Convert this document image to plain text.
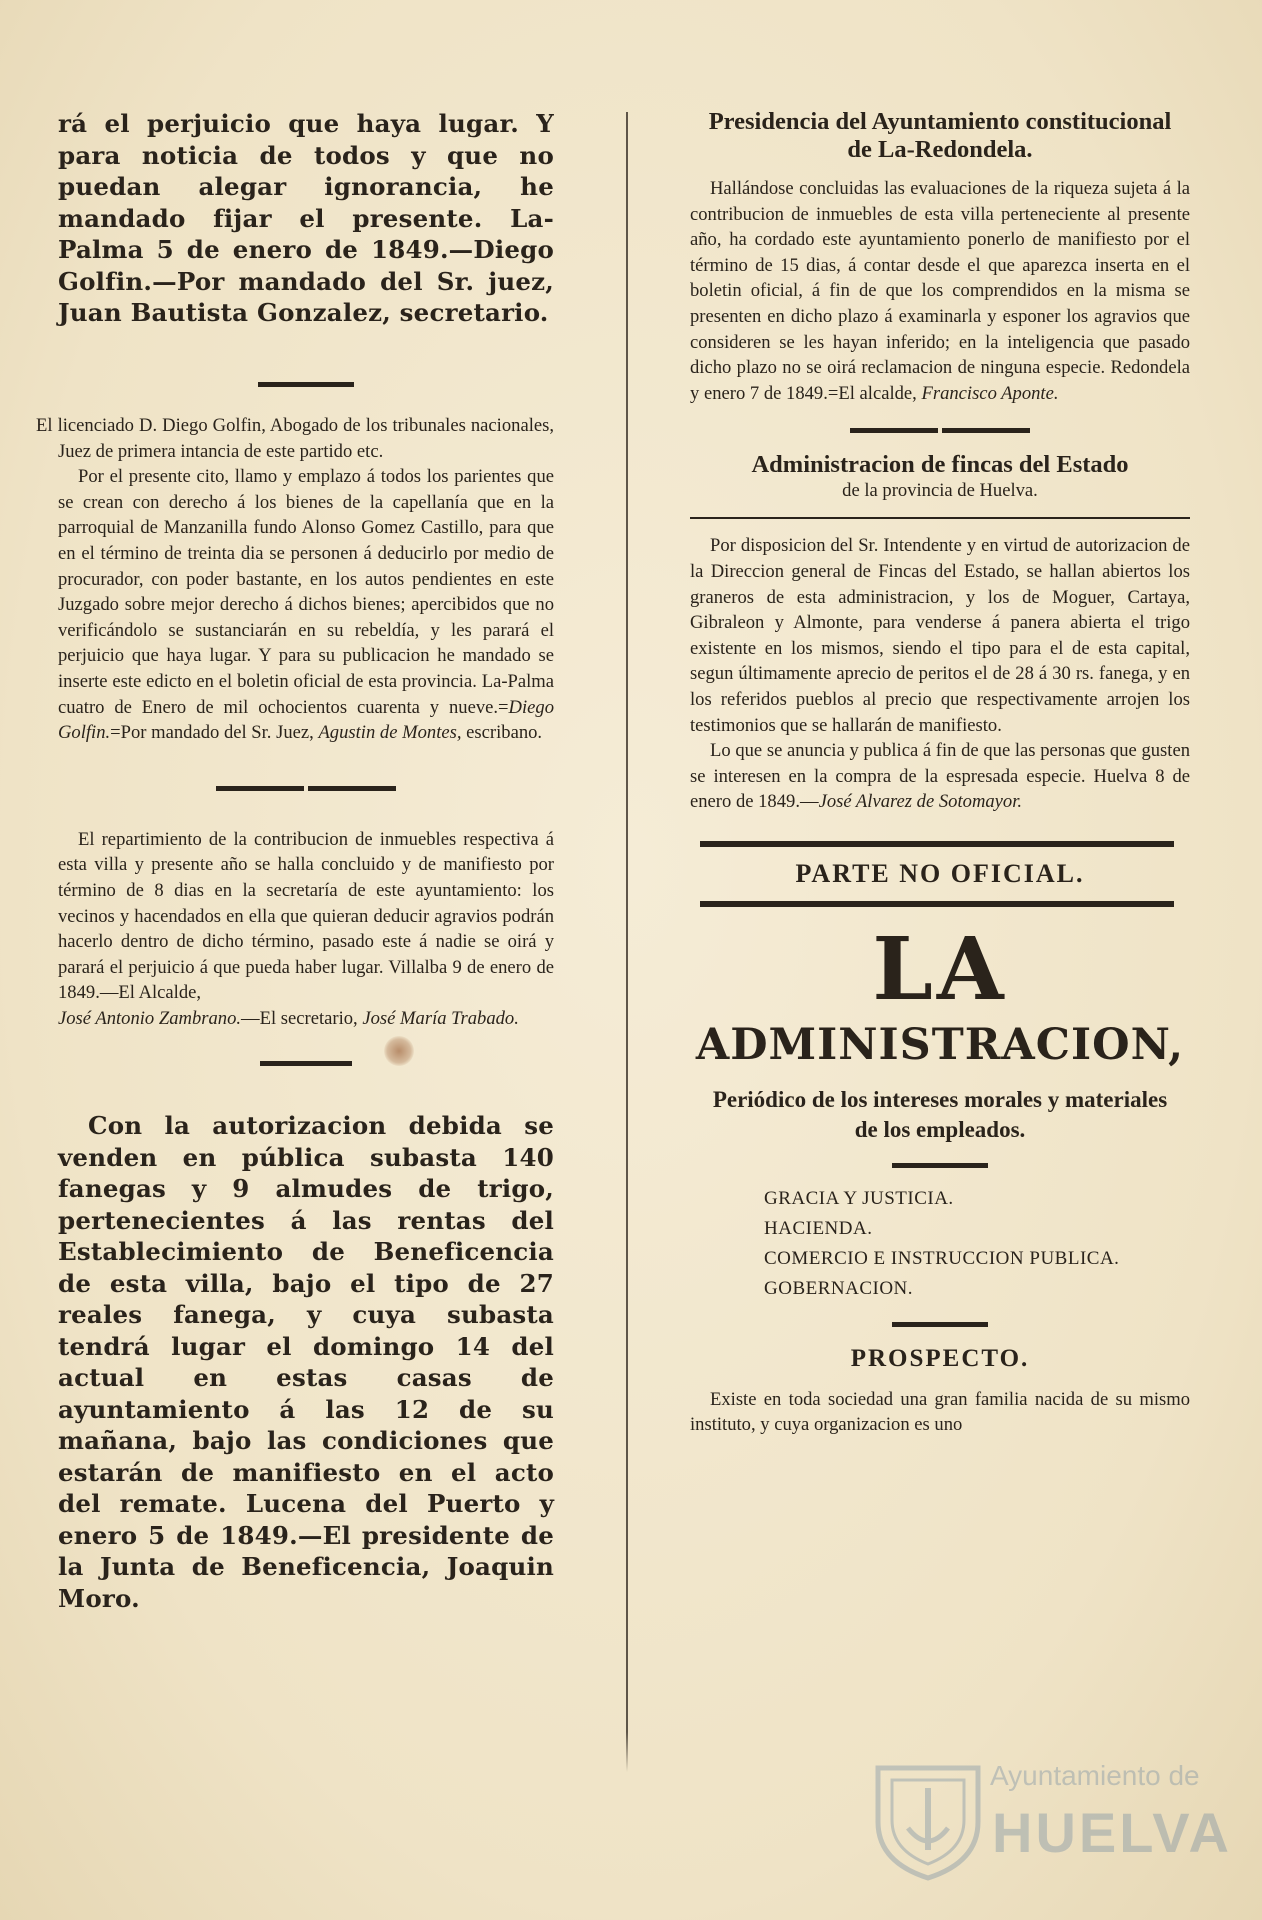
rá el perjuicio que haya lugar. Y para noticia de todos y que no puedan alegar ignorancia, he mandado fijar el presente. La-Palma 5 de enero de 1849.—Diego Golfin.—Por mandado del Sr. juez, Juan Bautista Gonzalez, secretario.

El licenciado D. Diego Golfin, Abogado de los tribunales nacionales, Juez de primera intancia de este partido etc.

Por el presente cito, llamo y emplazo á todos los parientes que se crean con derecho á los bienes de la capellanía que en la parroquial de Manzanilla fundo Alonso Gomez Castillo, para que en el término de treinta dia se personen á deducirlo por medio de procurador, con poder bastante, en los autos pendientes en este Juzgado sobre mejor derecho á dichos bienes; apercibidos que no verificándolo se sustanciarán en su rebeldía, y les parará el perjuicio que haya lugar. Y para su publicacion he mandado se inserte este edicto en el boletin oficial de esta provincia. La-Palma cuatro de Enero de mil ochocientos cuarenta y nueve.=Diego Golfin.=Por mandado del Sr. Juez, Agustin de Montes, escribano.

El repartimiento de la contribucion de inmuebles respectiva á esta villa y presente año se halla concluido y de manifiesto por término de 8 dias en la secretaría de este ayuntamiento: los vecinos y hacendados en ella que quieran deducir agravios podrán hacerlo dentro de dicho término, pasado este á nadie se oirá y parará el perjuicio á que pueda haber lugar. Villalba 9 de enero de 1849.—El Alcalde,
José Antonio Zambrano.—El secretario, José María Trabado.

Con la autorizacion debida se venden en pública subasta 140 fanegas y 9 almudes de trigo, pertenecientes á las rentas del Establecimiento de Beneficencia de esta villa, bajo el tipo de 27 reales fanega, y cuya subasta tendrá lugar el domingo 14 del actual en estas casas de ayuntamiento á las 12 de su mañana, bajo las condiciones que estarán de manifiesto en el acto del remate. Lucena del Puerto y enero 5 de 1849.—El presidente de la Junta de Beneficencia, Joaquin Moro.
Presidencia del Ayuntamiento constitucional de La-Redondela.

Hallándose concluidas las evaluaciones de la riqueza sujeta á la contribucion de inmuebles de esta villa perteneciente al presente año, ha cordado este ayuntamiento ponerlo de manifiesto por el término de 15 dias, á contar desde el que aparezca inserta en el boletin oficial, á fin de que los comprendidos en la misma se presenten en dicho plazo á examinarla y esponer los agravios que consideren se les hayan inferido; en la inteligencia que pasado dicho plazo no se oirá reclamacion de ninguna especie. Redondela y enero 7 de 1849.=El alcalde, Francisco Aponte.

Administracion de fincas del Estado
de la provincia de Huelva.

Por disposicion del Sr. Intendente y en virtud de autorizacion de la Direccion general de Fincas del Estado, se hallan abiertos los graneros de esta administracion, y los de Moguer, Cartaya, Gibraleon y Almonte, para venderse á panera abierta el trigo existente en los mismos, siendo el tipo para el de esta capital, segun últimamente aprecio de peritos el de 28 á 30 rs. fanega, y en los referidos pueblos al precio que respectivamente arrojen los testimonios que se hallarán de manifiesto.

Lo que se anuncia y publica á fin de que las personas que gusten se interesen en la compra de la espresada especie. Huelva 8 de enero de 1849.—José Alvarez de Sotomayor.

PARTE NO OFICIAL.
LA
ADMINISTRACION,
Periódico de los intereses morales y materiales de los empleados.
GRACIA Y JUSTICIA.
HACIENDA.
COMERCIO E INSTRUCCION PUBLICA.
GOBERNACION.
PROSPECTO.

Existe en toda sociedad una gran familia nacida de su mismo instituto, y cuya organizacion es uno

Ayuntamiento de
HUELVA
